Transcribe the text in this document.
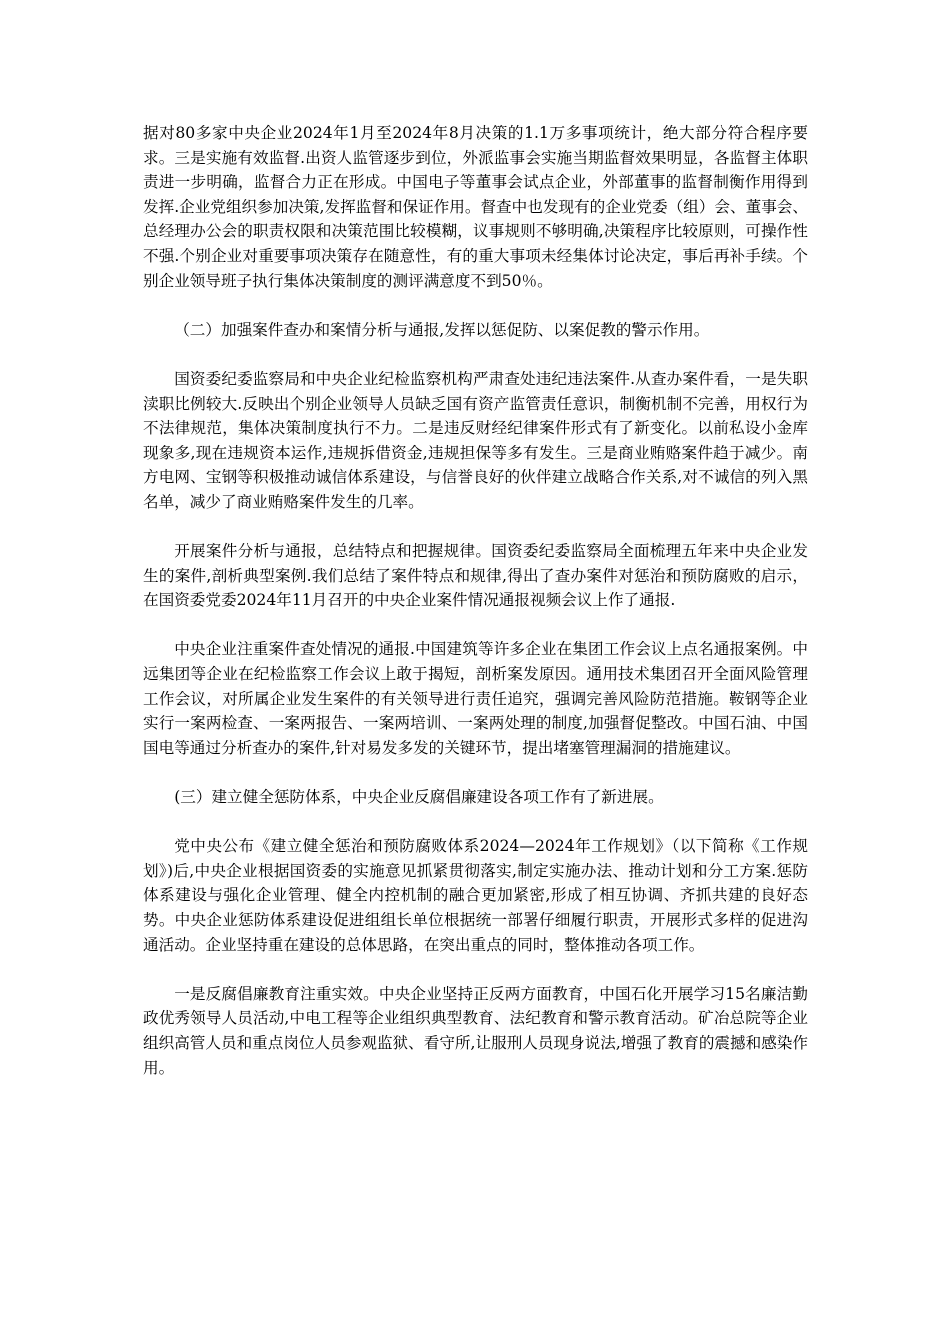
据对80多家中央企业2024年1月至2024年8月决策的1.1万多事项统计，绝大部分符合程序要求。三是实施有效监督.出资人监管逐步到位，外派监事会实施当期监督效果明显，各监督主体职责进一步明确，监督合力正在形成。中国电子等董事会试点企业，外部董事的监督制衡作用得到发挥.企业党组织参加决策,发挥监督和保证作用。督查中也发现有的企业党委（组）会、董事会、总经理办公会的职责权限和决策范围比较模糊，议事规则不够明确,决策程序比较原则，可操作性不强.个别企业对重要事项决策存在随意性，有的重大事项未经集体讨论决定，事后再补手续。个别企业领导班子执行集体决策制度的测评满意度不到50％。

（二）加强案件查办和案情分析与通报,发挥以惩促防、以案促教的警示作用。

国资委纪委监察局和中央企业纪检监察机构严肃查处违纪违法案件.从查办案件看，一是失职渎职比例较大.反映出个别企业领导人员缺乏国有资产监管责任意识，制衡机制不完善，用权行为不法律规范，集体决策制度执行不力。二是违反财经纪律案件形式有了新变化。以前私设小金库现象多,现在违规资本运作,违规拆借资金,违规担保等多有发生。三是商业贿赂案件趋于减少。南方电网、宝钢等积极推动诚信体系建设，与信誉良好的伙伴建立战略合作关系,对不诚信的列入黑名单，减少了商业贿赂案件发生的几率。

开展案件分析与通报，总结特点和把握规律。国资委纪委监察局全面梳理五年来中央企业发生的案件,剖析典型案例.我们总结了案件特点和规律,得出了查办案件对惩治和预防腐败的启示，在国资委党委2024年11月召开的中央企业案件情况通报视频会议上作了通报.

中央企业注重案件查处情况的通报.中国建筑等许多企业在集团工作会议上点名通报案例。中远集团等企业在纪检监察工作会议上敢于揭短，剖析案发原因。通用技术集团召开全面风险管理工作会议，对所属企业发生案件的有关领导进行责任追究，强调完善风险防范措施。鞍钢等企业实行一案两检查、一案两报告、一案两培训、一案两处理的制度,加强督促整改。中国石油、中国国电等通过分析查办的案件,针对易发多发的关键环节，提出堵塞管理漏洞的措施建议。

(三）建立健全惩防体系，中央企业反腐倡廉建设各项工作有了新进展。

党中央公布《建立健全惩治和预防腐败体系2024—2024年工作规划》（以下简称《工作规划》)后,中央企业根据国资委的实施意见抓紧贯彻落实,制定实施办法、推动计划和分工方案.惩防体系建设与强化企业管理、健全内控机制的融合更加紧密,形成了相互协调、齐抓共建的良好态势。中央企业惩防体系建设促进组组长单位根据统一部署仔细履行职责，开展形式多样的促进沟通活动。企业坚持重在建设的总体思路，在突出重点的同时，整体推动各项工作。

一是反腐倡廉教育注重实效。中央企业坚持正反两方面教育，中国石化开展学习15名廉洁勤政优秀领导人员活动,中电工程等企业组织典型教育、法纪教育和警示教育活动。矿冶总院等企业组织高管人员和重点岗位人员参观监狱、看守所,让服刑人员现身说法,增强了教育的震撼和感染作用。
